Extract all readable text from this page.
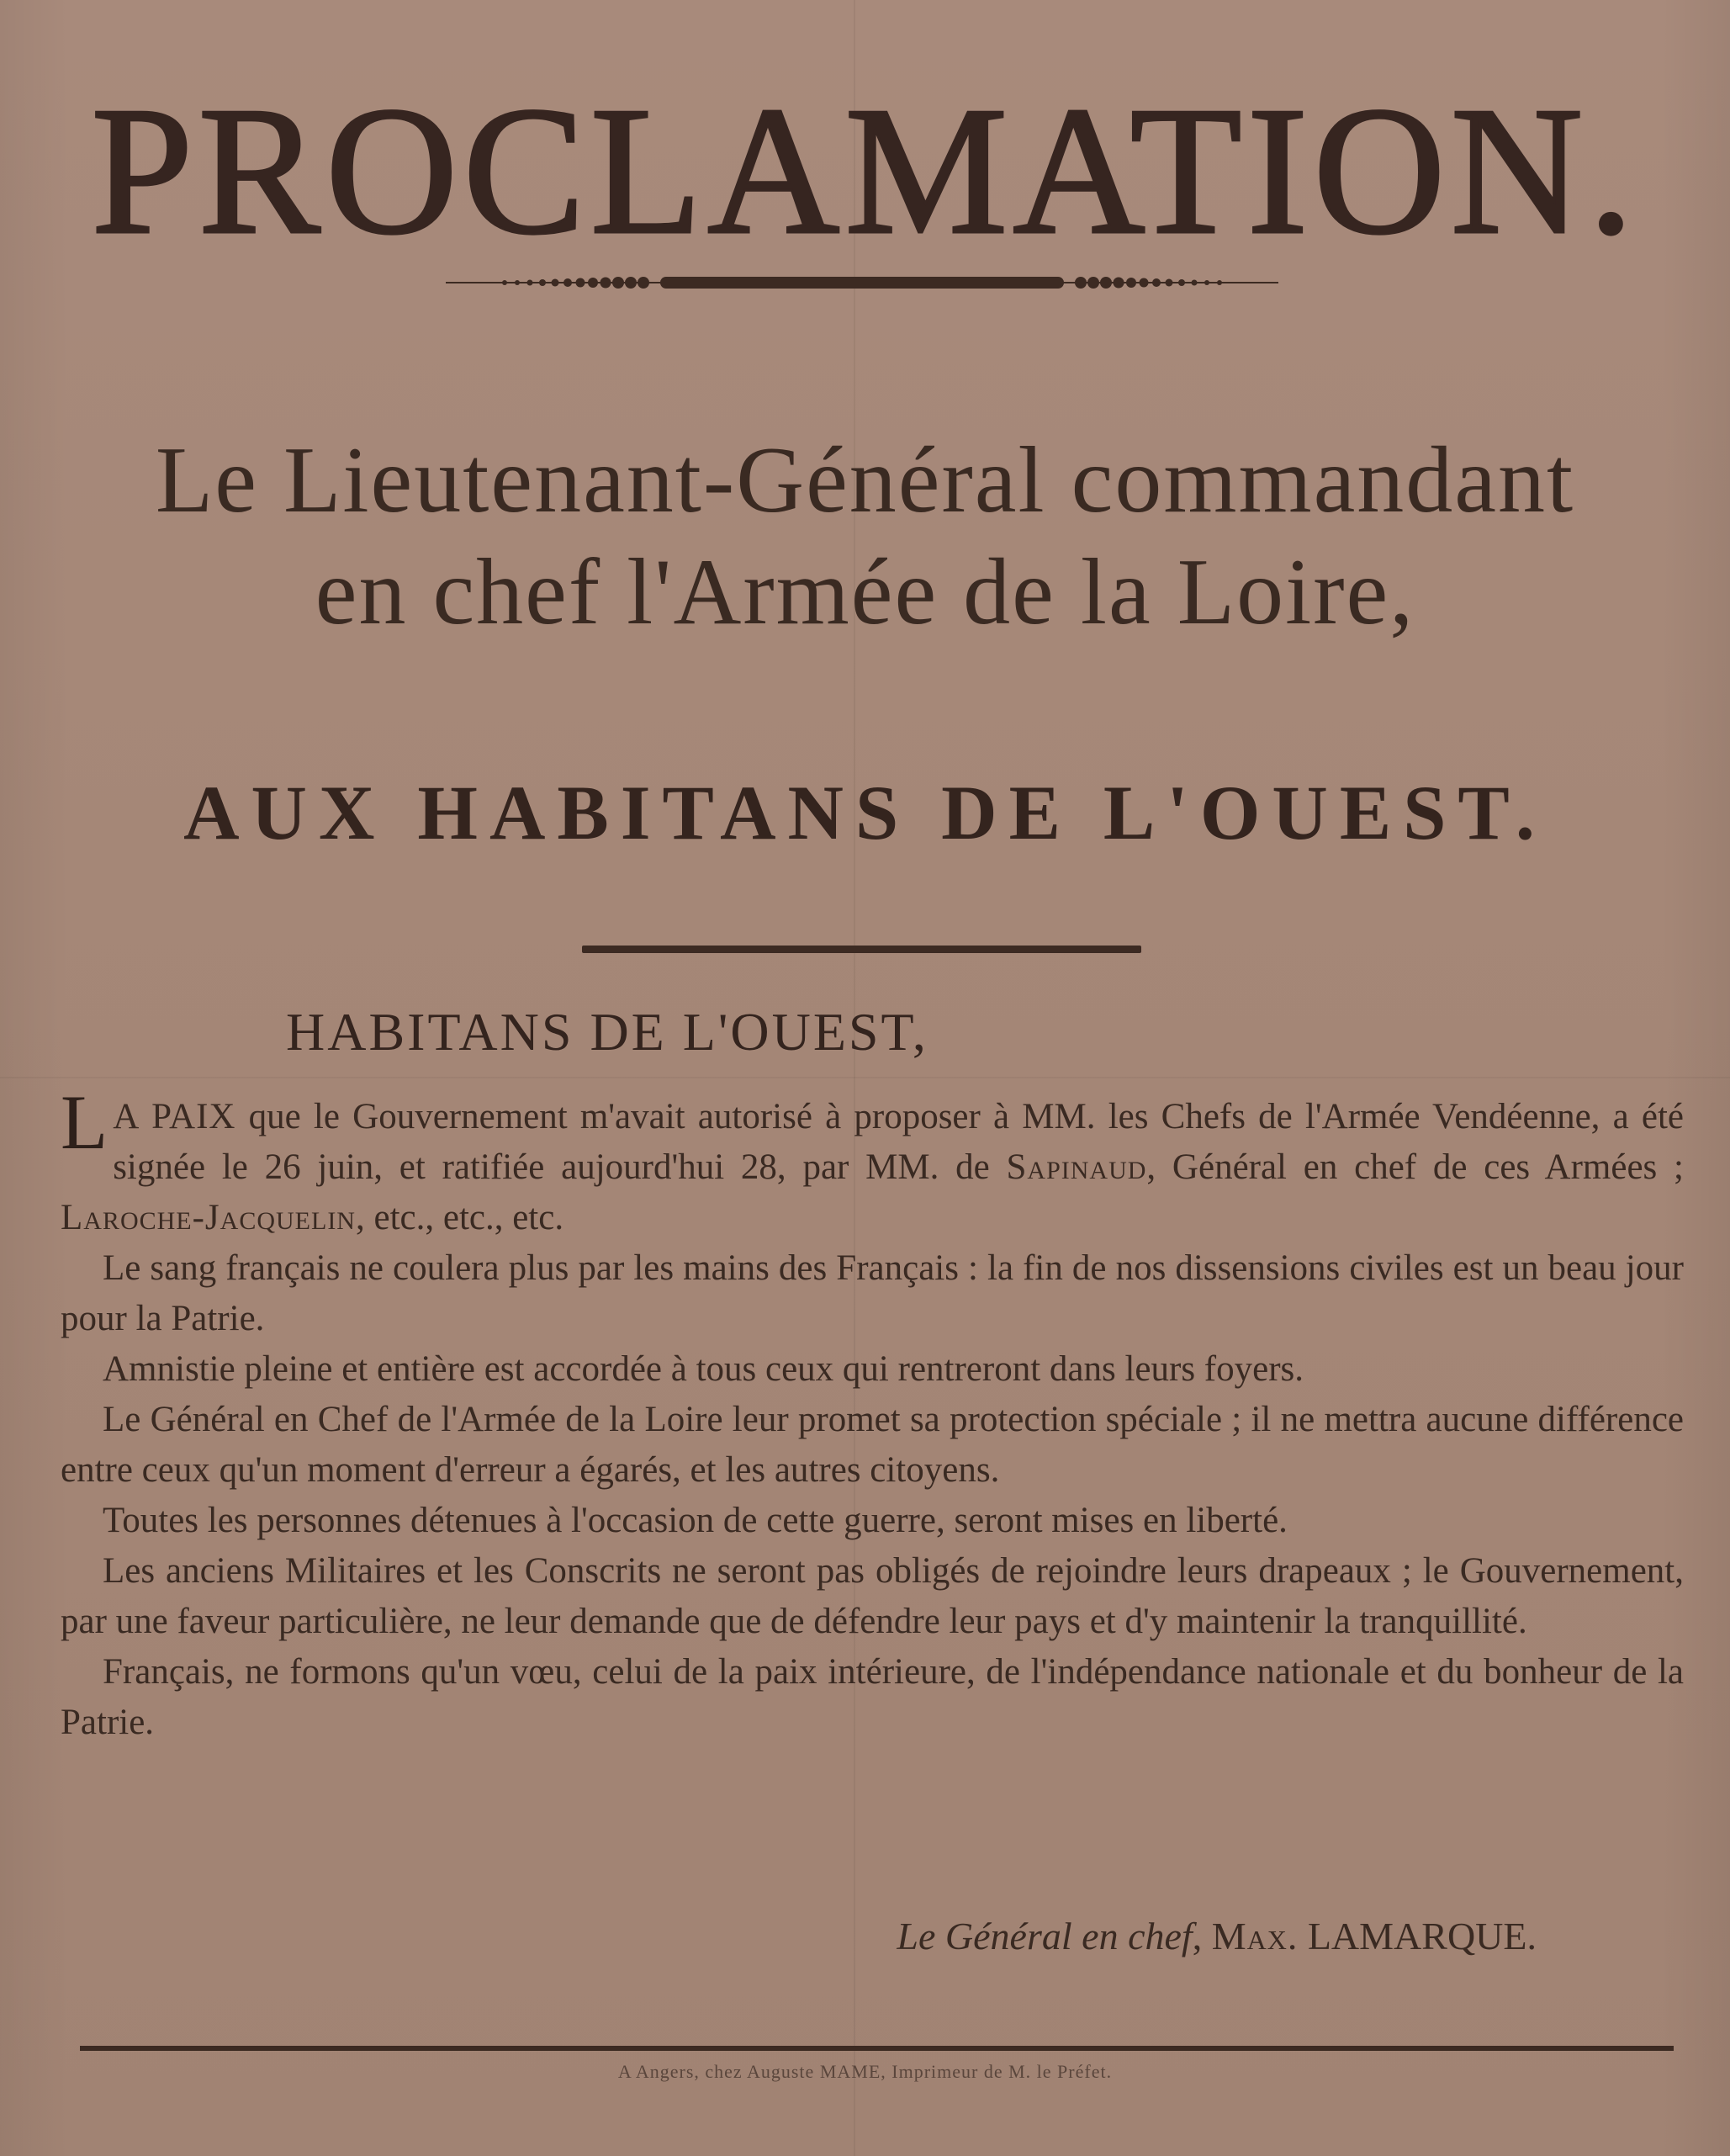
PROCLAMATION.
Le Lieutenant-Général commandant
en chef l'Armée de la Loire,
AUX HABITANS DE L'OUEST.
HABITANS DE L'OUEST,

L A PAIX que le Gouvernement m'avait autorisé à proposer à MM. les Chefs de l'Armée Vendéenne, a été signée le 26 juin, et ratifiée aujourd'hui 28, par MM. de Sapinaud, Général en chef de ces Armées ; Laroche-Jacquelin, etc., etc., etc.

Le sang français ne coulera plus par les mains des Français : la fin de nos dissensions civiles est un beau jour pour la Patrie.

Amnistie pleine et entière est accordée à tous ceux qui rentreront dans leurs foyers.

Le Général en Chef de l'Armée de la Loire leur promet sa protection spéciale ; il ne mettra aucune différence entre ceux qu'un moment d'erreur a égarés, et les autres citoyens.

Toutes les personnes détenues à l'occasion de cette guerre, seront mises en liberté.

Les anciens Militaires et les Conscrits ne seront pas obligés de rejoindre leurs drapeaux ; le Gouvernement, par une faveur particulière, ne leur demande que de défendre leur pays et d'y maintenir la tranquillité.

Français, ne formons qu'un vœu, celui de la paix intérieure, de l'indépendance nationale et du bonheur de la Patrie.

Le Général en chef, Max. LAMARQUE.
A Angers, chez Auguste MAME, Imprimeur de M. le Préfet.
